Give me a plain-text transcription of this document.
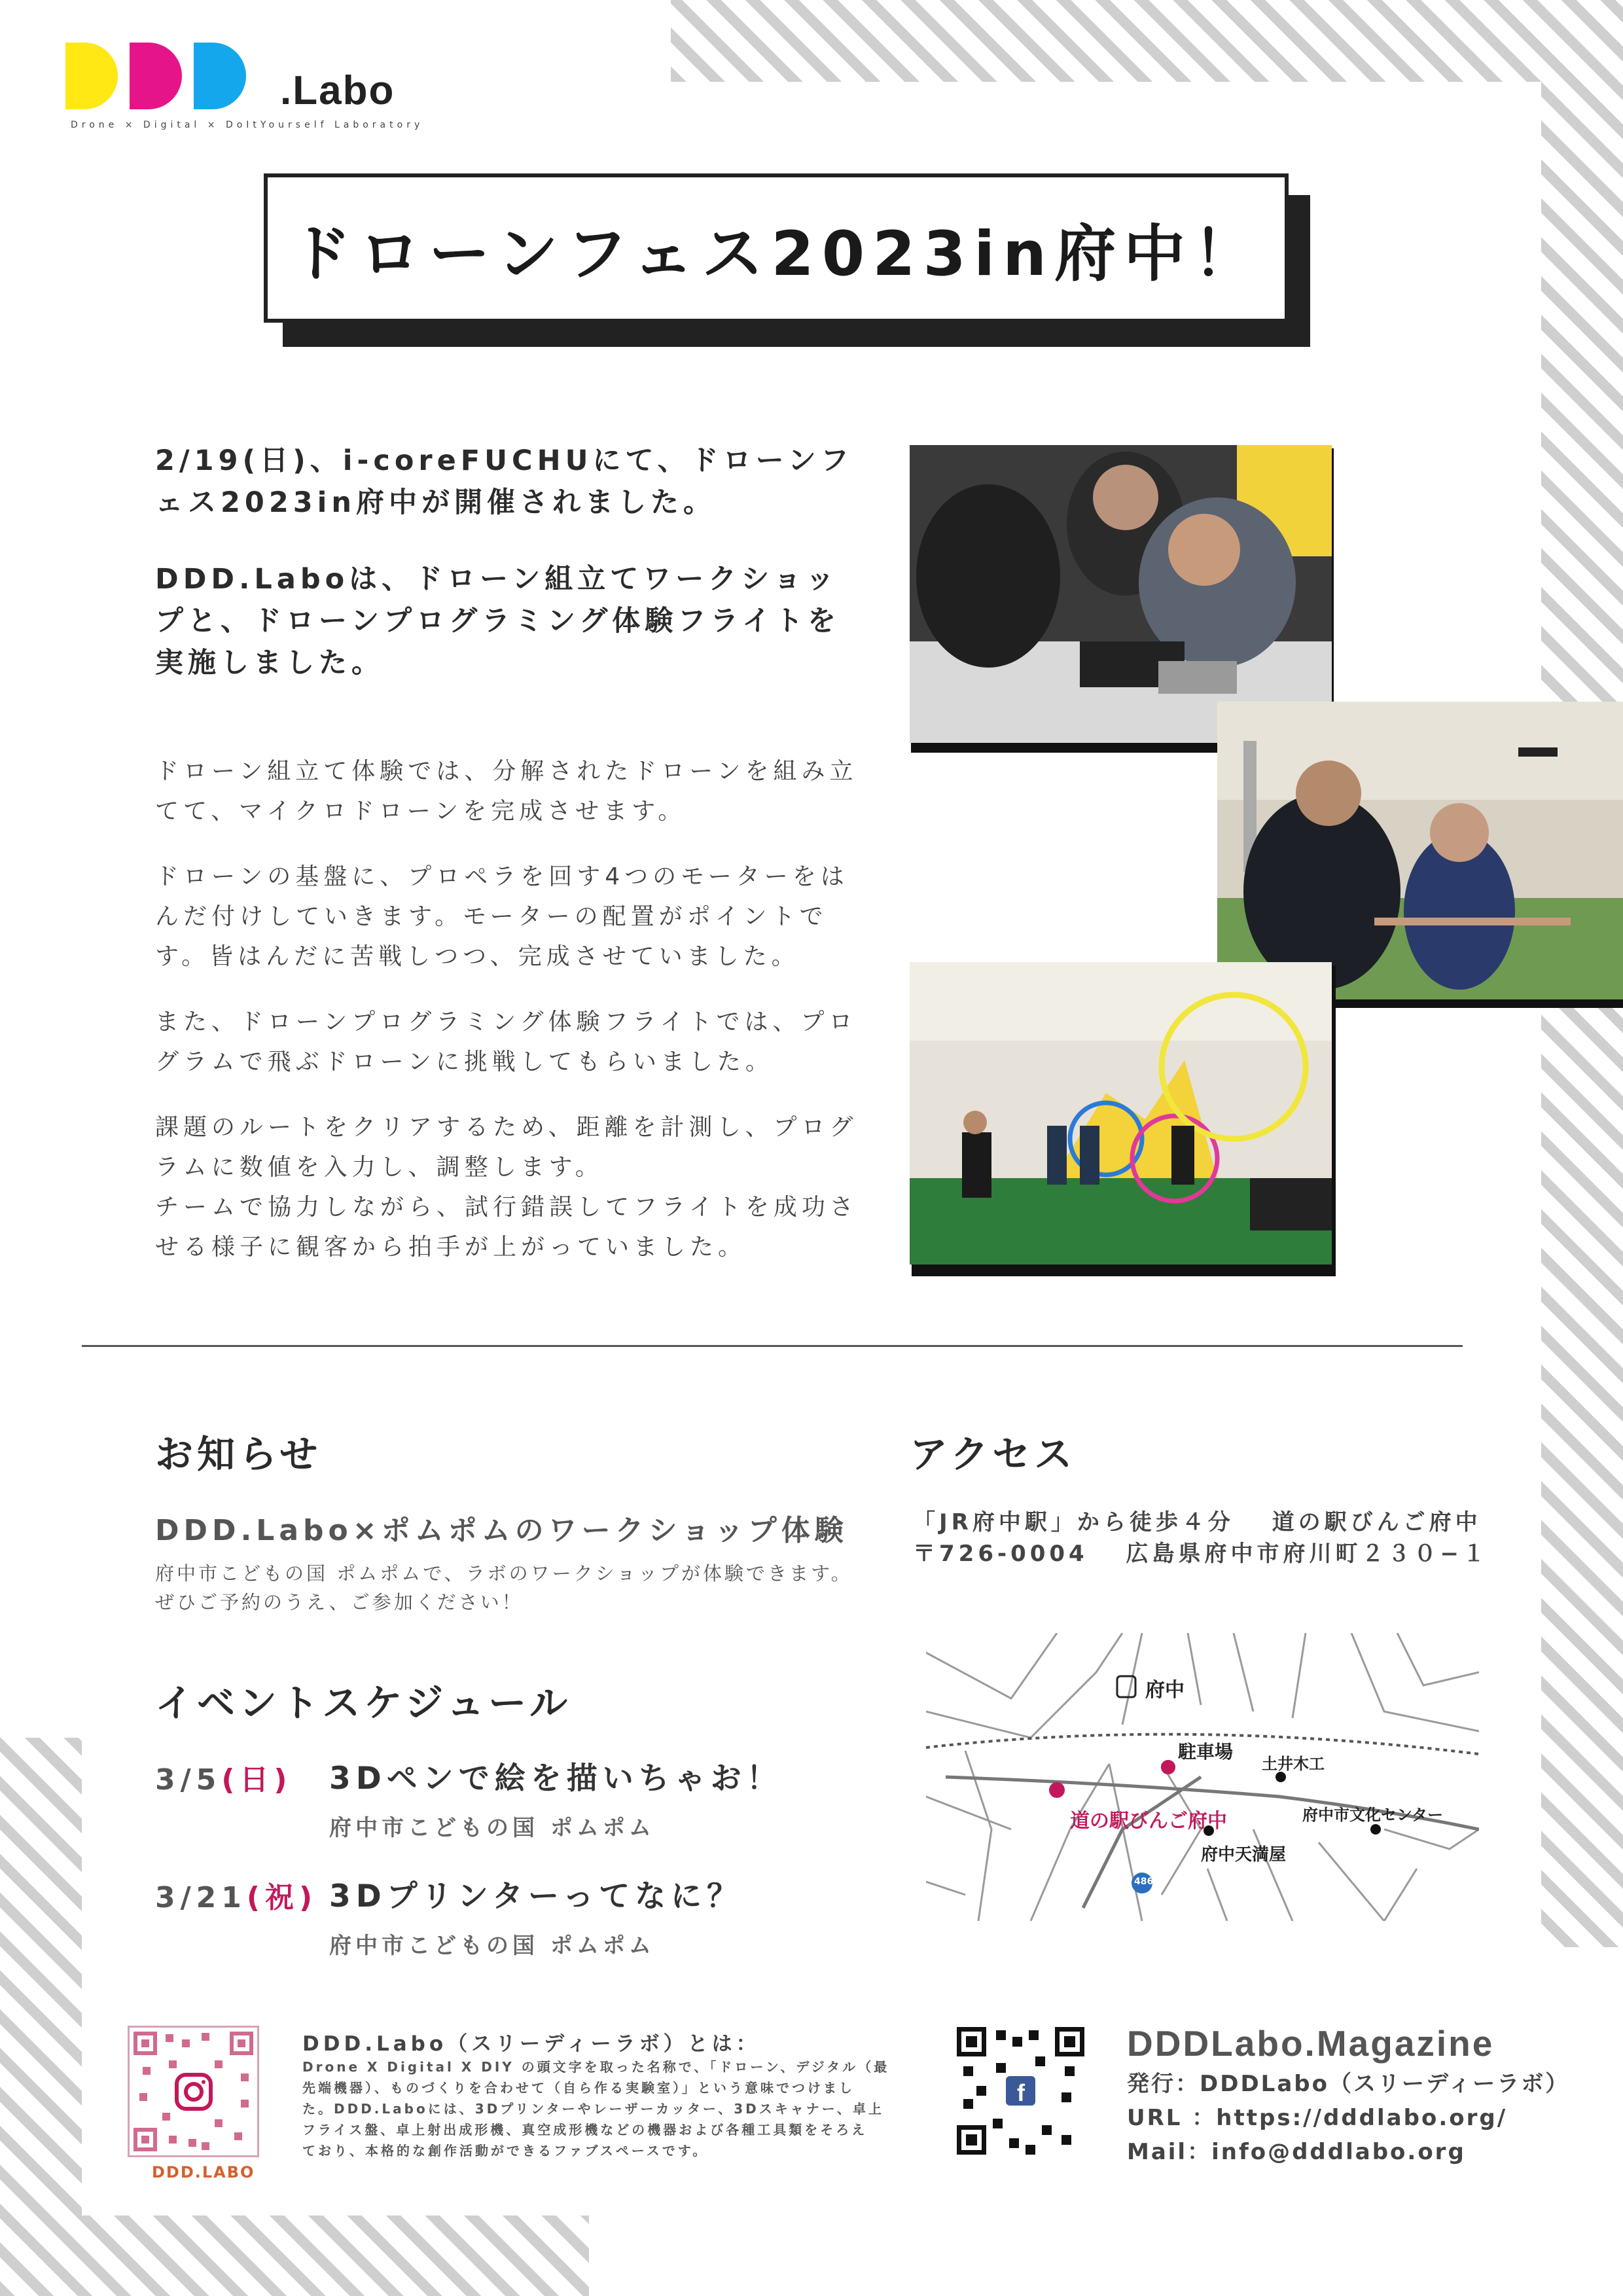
.Labo
Drone × Digital × DoItYourself Laboratory
ドローンフェス2023in府中！

2/19(日)、i-coreFUCHUにて、ドローンフェス2023in府中が開催されました。

DDD.Laboは、ドローン組立てワークショップと、ドローンプログラミング体験フライトを実施しました。

ドローン組立て体験では、分解されたドローンを組み立てて、マイクロドローンを完成させます。

ドローンの基盤に、プロペラを回す4つのモーターをはんだ付けしていきます。モーターの配置がポイントです。皆はんだに苦戦しつつ、完成させていました。

また、ドローンプログラミング体験フライトでは、プログラムで飛ぶドローンに挑戦してもらいました。

課題のルートをクリアするため、距離を計測し、プログラムに数値を入力し、調整します。

チームで協力しながら、試行錯誤してフライトを成功させる様子に観客から拍手が上がっていました。

お知らせ
DDD.Labo×ポムポムのワークショップ体験
府中市こどもの国 ポムポムで、ラボのワークショップが体験できます。
ぜひご予約のうえ、ご参加ください！
イベントスケジュール
3/5(日) 3Dペンで絵を描いちゃお！
府中市こどもの国 ポムポム
3/21(祝) 3Dプリンターってなに？
府中市こどもの国 ポムポム
アクセス
「JR府中駅」から徒歩４分　 道の駅びんご府中
〒726-0004　 広島県府中市府川町２３０−１
府中
駐車場
道の駅びんご府中
土井木工
府中市文化センター
府中天満屋
486
DDD.LABO
DDD.Labo（スリーディーラボ）とは：
Drone X Digital X DIY の頭文字を取った名称で、「ドローン、デジタル（最
先端機器）、ものづくりを合わせて（自ら作る実験室）」という意味でつけまし
た。DDD.Laboには、3Dプリンターやレーザーカッター、3Dスキャナー、卓上
フライス盤、卓上射出成形機、真空成形機などの機器および各種工具類をそろえ
ており、本格的な創作活動ができるファブスペースです。
f
DDDLabo.Magazine
発行：DDDLabo（スリーディーラボ）
URL ：https://dddlabo.org/
Mail：info@dddlabo.org
